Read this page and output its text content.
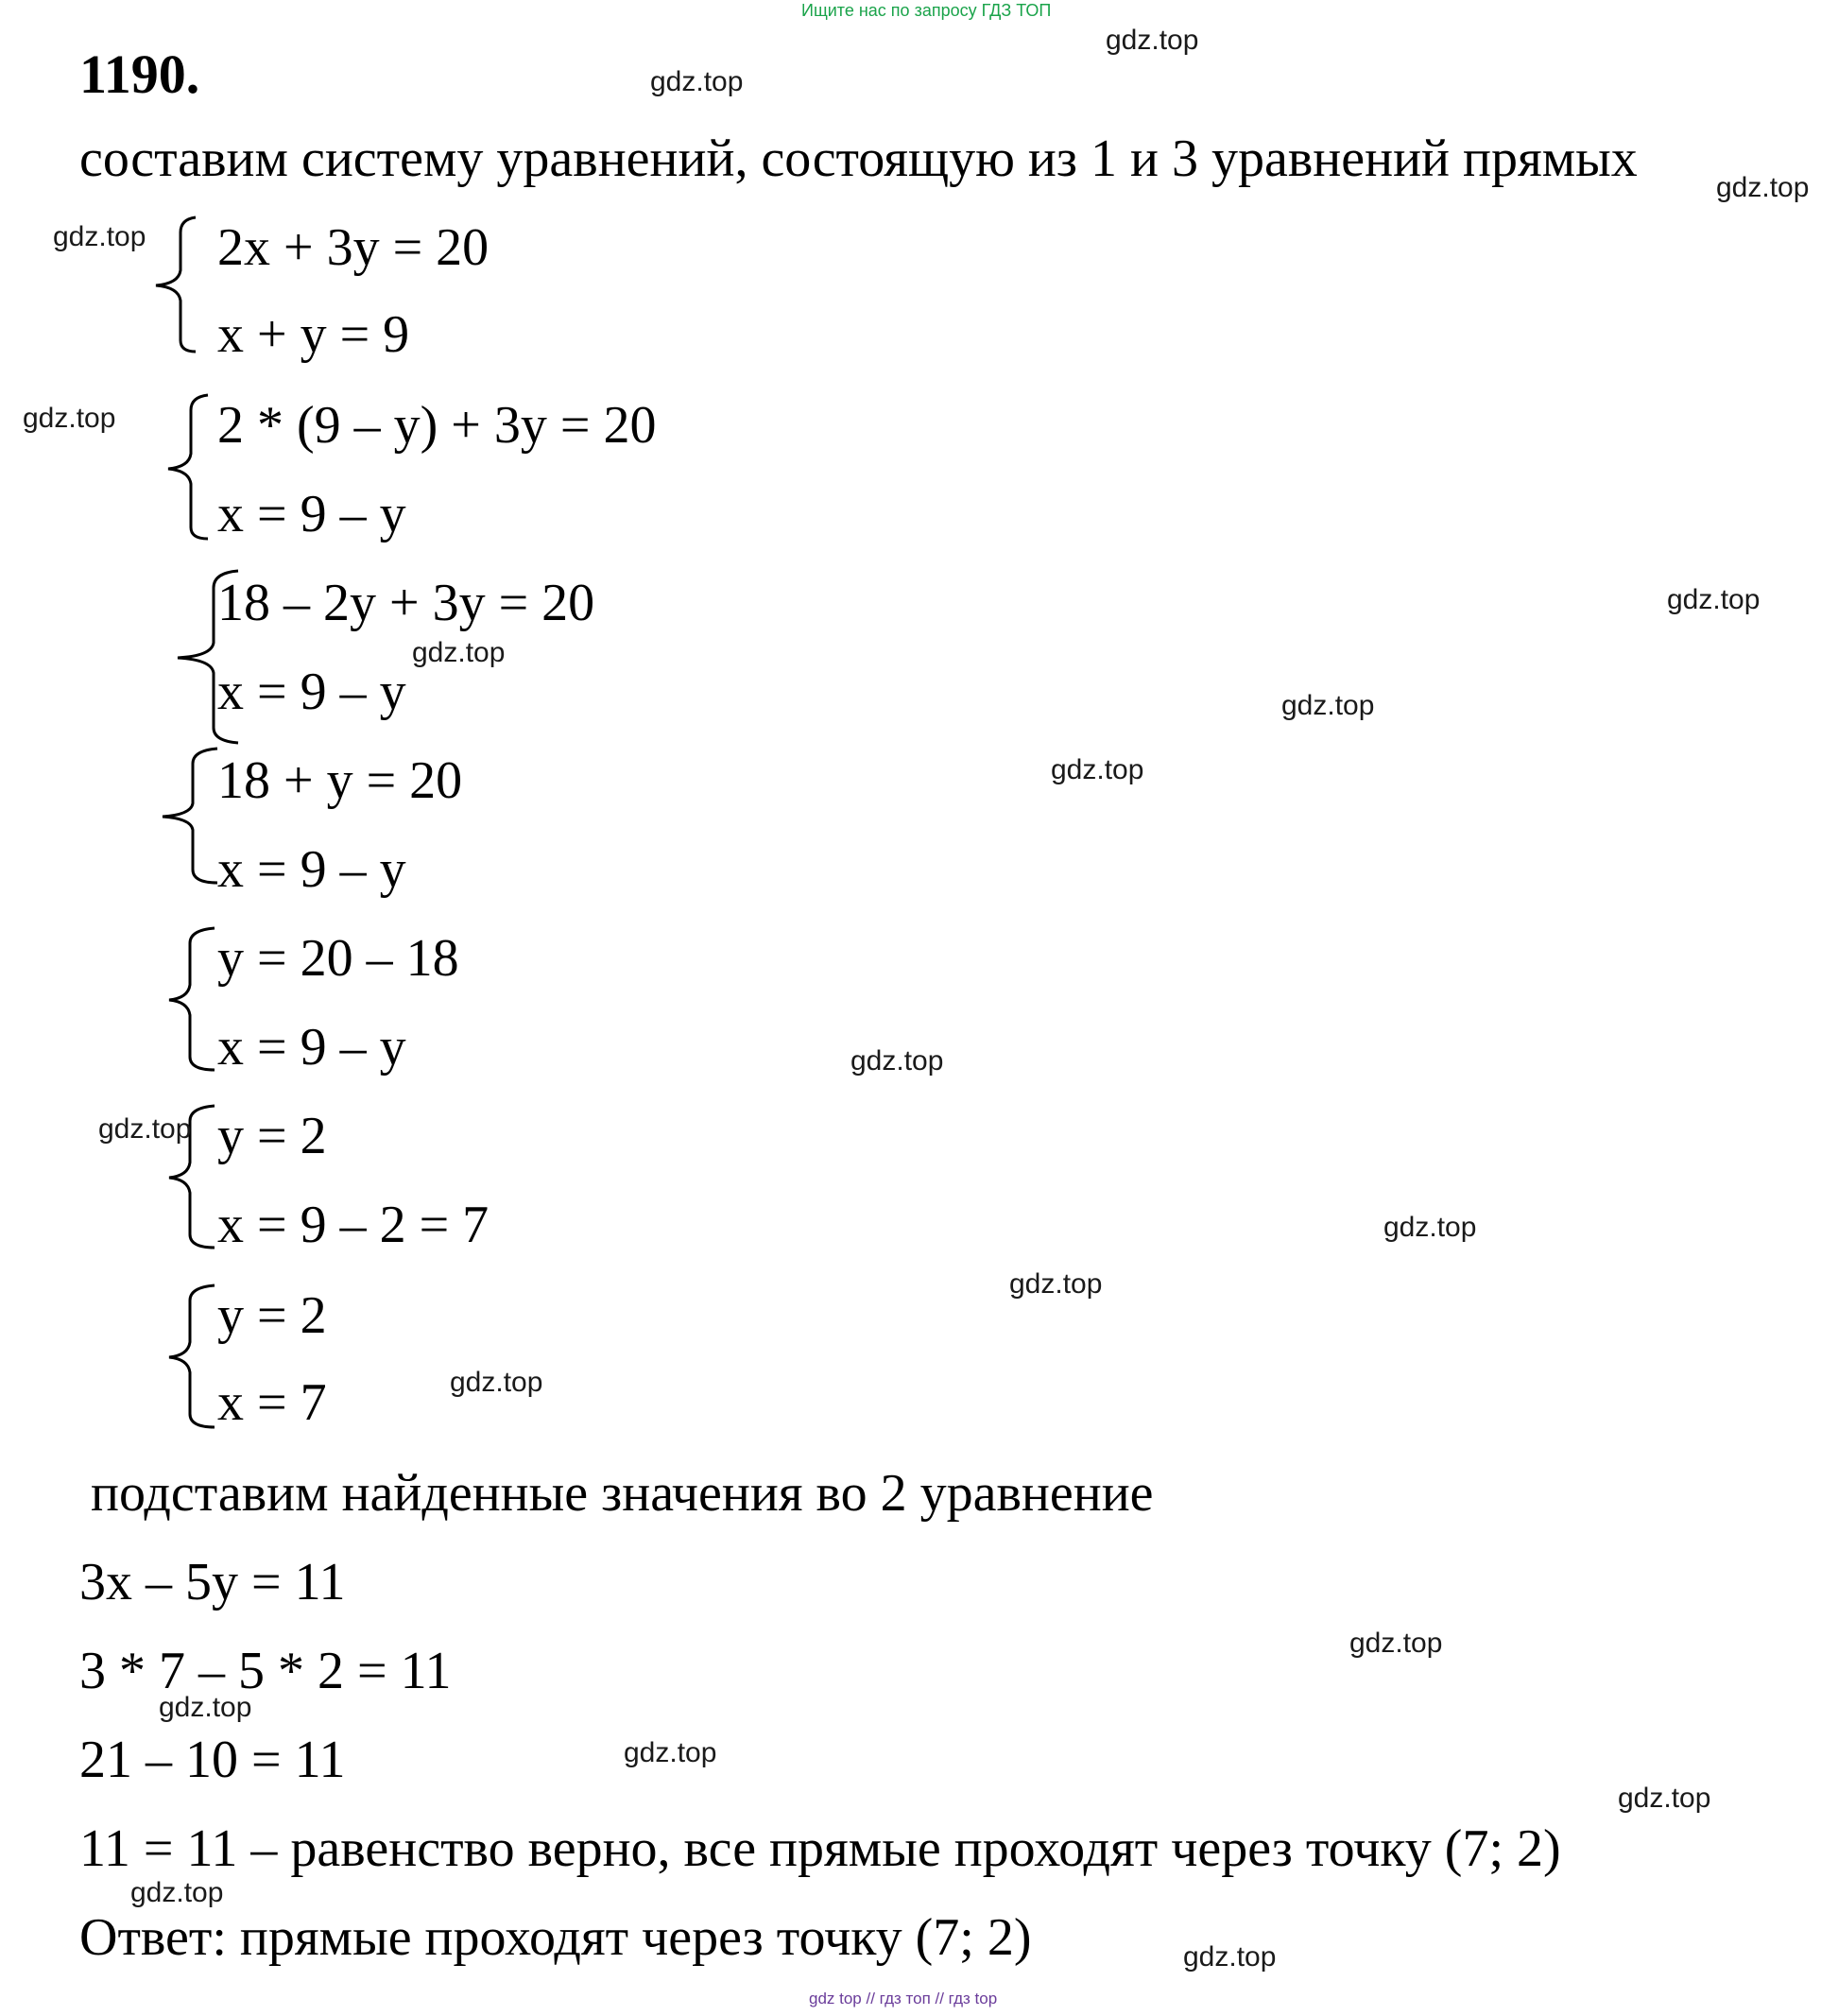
Ищите нас по запросу ГДЗ ТОП
1190.
составим систему уравнений, состоящую из 1 и 3 уравнений прямых
2x + 3y = 20
x + y = 9
2 * (9 – y) + 3y = 20
x = 9 – y
18 – 2y + 3y = 20
x = 9 – y
18 + y = 20
x = 9 – y
y = 20 – 18
x = 9 – y
y = 2
x = 9 – 2 = 7
y = 2
x = 7
подставим найденные значения во 2 уравнение
3x – 5y = 11
3 * 7 – 5 * 2 = 11
21 – 10 = 11
11 = 11 – равенство верно, все прямые проходят через точку (7; 2)
Ответ: прямые проходят через точку (7; 2)
gdz.top
gdz.top
gdz.top
gdz.top
gdz.top
gdz.top
gdz.top
gdz.top
gdz.top
gdz.top
gdz.top
gdz.top
gdz.top
gdz.top
gdz.top
gdz.top
gdz.top
gdz.top
gdz.top
gdz.top
gdz top // гдз топ // гдз top
